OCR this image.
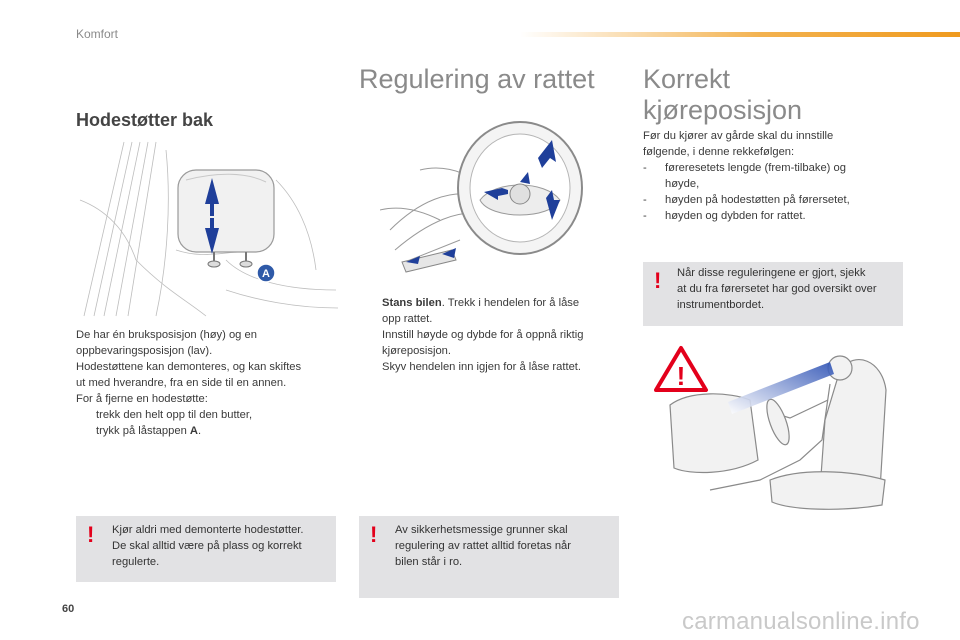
Komfort
Hodestøtter bak
A
De har én bruksposisjon (høy) og en
oppbevaringsposisjon (lav).
Hodestøttene kan demonteres, og kan skiftes
ut med hverandre, fra en side til en annen.
For å fjerne en hodestøtte:
trekk den helt opp til den butter,
trykk på låstappen A.
! Kjør aldri med demonterte hodestøtter.
De skal alltid være på plass og korrekt
regulerte.
Regulering av rattet
Stans bilen. Trekk i hendelen for å låse
opp rattet.
Innstill høyde og dybde for å oppnå riktig
kjøreposisjon.
Skyv hendelen inn igjen for å låse rattet.
! Av sikkerhetsmessige grunner skal
regulering av rattet alltid foretas når
bilen står i ro.
Korrekt
kjøreposisjon
Før du kjører av gårde skal du innstille
følgende, i denne rekkefølgen:
-	føreresetets lengde (frem-tilbake) og
høyde,
-	høyden på hodestøtten på førersetet,
-	høyden og dybden for rattet.
! Når disse reguleringene er gjort, sjekk
at du fra førersetet har god oversikt over
instrumentbordet.
!
60	carmanualsonline.info
